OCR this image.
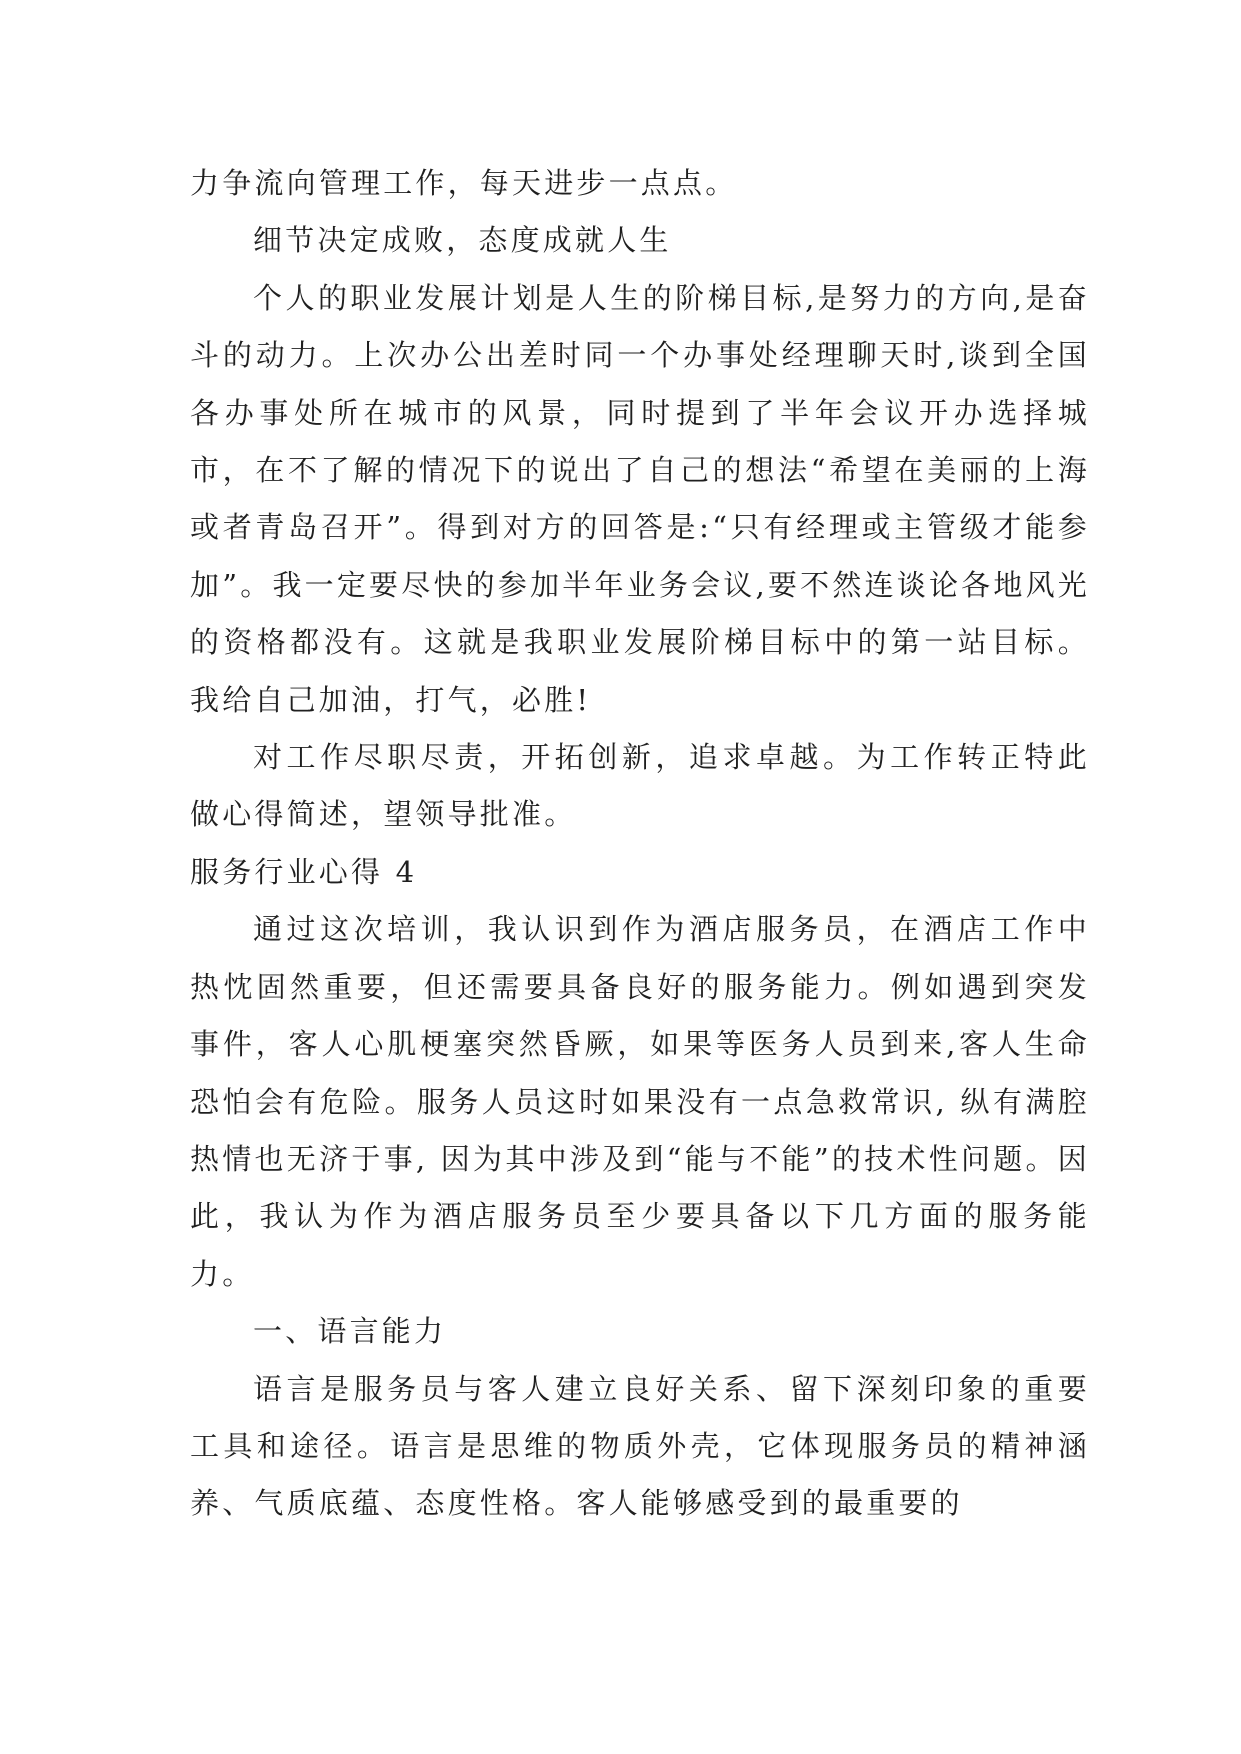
力争流向管理工作，每天进步一点点。

细节决定成败，态度成就人生

个人的职业发展计划是人生的阶梯目标,是努力的方向,是奋斗的动力。上次办公出差时同一个办事处经理聊天时,谈到全国各办事处所在城市的风景，同时提到了半年会议开办选择城市，在不了解的情况下的说出了自己的想法“希望在美丽的上海或者青岛召开”。得到对方的回答是:“只有经理或主管级才能参加”。我一定要尽快的参加半年业务会议,要不然连谈论各地风光的资格都没有。这就是我职业发展阶梯目标中的第一站目标。我给自己加油，打气，必胜!

对工作尽职尽责，开拓创新，追求卓越。为工作转正特此做心得简述，望领导批准。

服务行业心得 4

通过这次培训，我认识到作为酒店服务员，在酒店工作中热忱固然重要，但还需要具备良好的服务能力。例如遇到突发事件，客人心肌梗塞突然昏厥，如果等医务人员到来,客人生命恐怕会有危险。服务人员这时如果没有一点急救常识, 纵有满腔热情也无济于事, 因为其中涉及到“能与不能”的技术性问题。因此，我认为作为酒店服务员至少要具备以下几方面的服务能力。

一、语言能力

语言是服务员与客人建立良好关系、留下深刻印象的重要工具和途径。语言是思维的物质外壳，它体现服务员的精神涵养、气质底蕴、态度性格。客人能够感受到的最重要的
